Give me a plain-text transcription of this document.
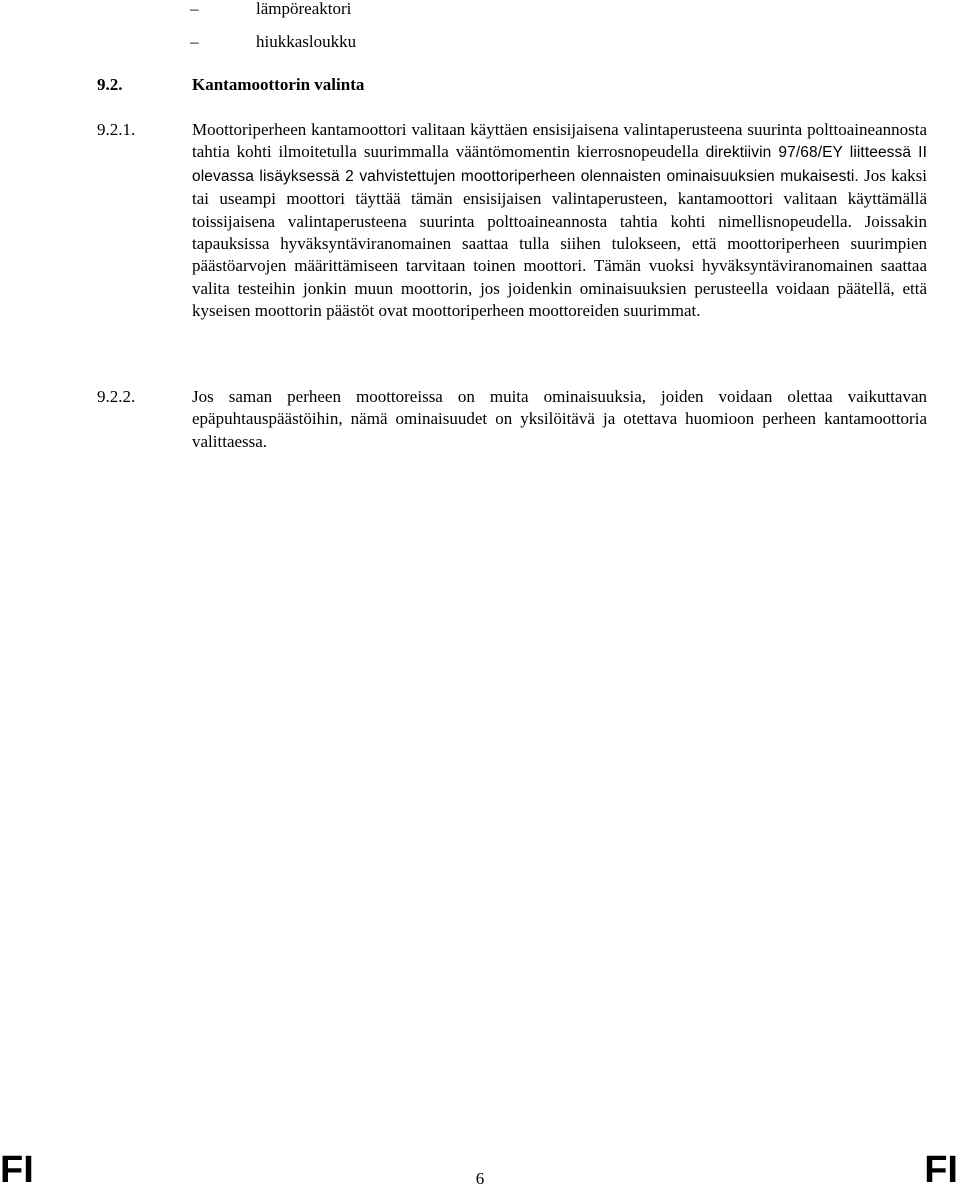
–	lämpöreaktori
–	hiukkasloukku
9.2.	Kantamoottorin valinta
9.2.1.	Moottoriperheen kantamoottori valitaan käyttäen ensisijaisena valintaperusteena suurinta polttoaineannosta tahtia kohti ilmoitetulla suurimmalla vääntömomentin kierrosnopeudella direktiivin 97/68/EY liitteessä II olevassa lisäyksessä 2 vahvistettujen moottoriperheen olennaisten ominaisuuksien mukaisesti. Jos kaksi tai useampi moottori täyttää tämän ensisijaisen valintaperusteen, kantamoottori valitaan käyttämällä toissijaisena valintaperusteena suurinta polttoaineannosta tahtia kohti nimellisnopeudella. Joissakin tapauksissa hyväksyntäviranomainen saattaa tulla siihen tulokseen, että moottoriperheen suurimpien päästöarvojen määrittämiseen tarvitaan toinen moottori. Tämän vuoksi hyväksyntäviranomainen saattaa valita testeihin jonkin muun moottorin, jos joidenkin ominaisuuksien perusteella voidaan päätellä, että kyseisen moottorin päästöt ovat moottoriperheen moottoreiden suurimmat.
9.2.2.	Jos saman perheen moottoreissa on muita ominaisuuksia, joiden voidaan olettaa vaikuttavan epäpuhtauspäästöihin, nämä ominaisuudet on yksilöitävä ja otettava huomioon perheen kantamoottoria valittaessa.
FI	6	FI
